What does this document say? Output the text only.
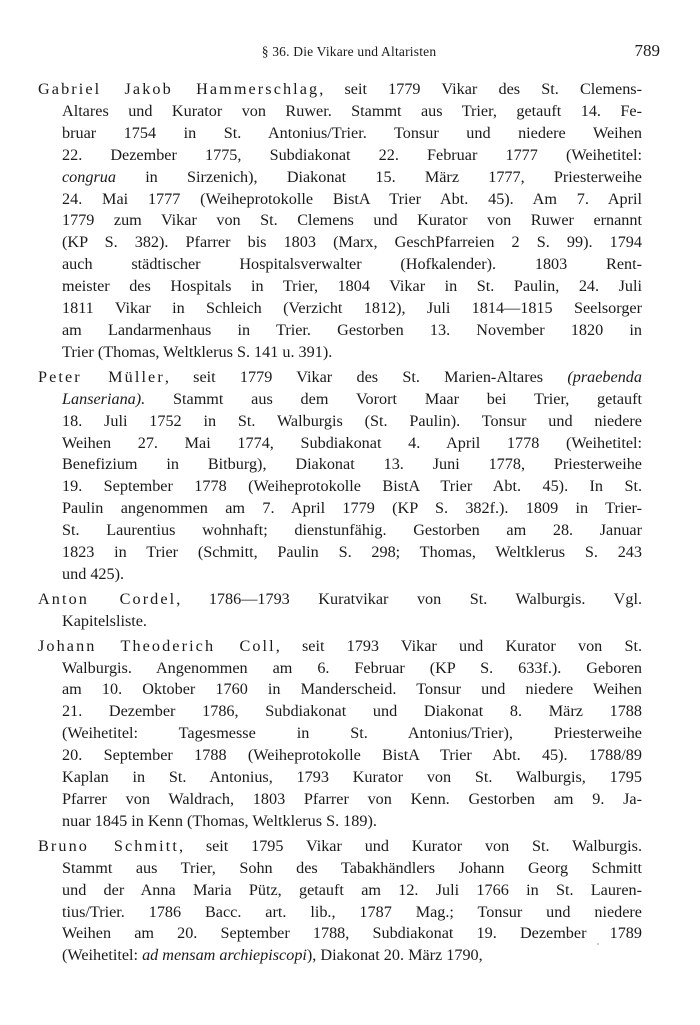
§ 36. Die Vikare und Altaristen	789
Gabriel Jakob Hammerschlag, seit 1779 Vikar des St. Clemens-
Altares und Kurator von Ruwer. Stammt aus Trier, getauft 14. Fe-
bruar 1754 in St. Antonius/Trier. Tonsur und niedere Weihen
22. Dezember 1775, Subdiakonat 22. Februar 1777 (Weihetitel:
congrua in Sirzenich), Diakonat 15. März 1777, Priesterweihe
24. Mai 1777 (Weiheprotokolle BistA Trier Abt. 45). Am 7. April
1779 zum Vikar von St. Clemens und Kurator von Ruwer ernannt
(KP S. 382). Pfarrer bis 1803 (Marx, GeschPfarreien 2 S. 99). 1794
auch städtischer Hospitalsverwalter (Hofkalender). 1803 Rent-
meister des Hospitals in Trier, 1804 Vikar in St. Paulin, 24. Juli
1811 Vikar in Schleich (Verzicht 1812), Juli 1814—1815 Seelsorger
am Landarmenhaus in Trier. Gestorben 13. November 1820 in
Trier (Thomas, Weltklerus S. 141 u. 391).
Peter Müller, seit 1779 Vikar des St. Marien-Altares (praebenda
Lanseriana). Stammt aus dem Vorort Maar bei Trier, getauft
18. Juli 1752 in St. Walburgis (St. Paulin). Tonsur und niedere
Weihen 27. Mai 1774, Subdiakonat 4. April 1778 (Weihetitel:
Benefizium in Bitburg), Diakonat 13. Juni 1778, Priesterweihe
19. September 1778 (Weiheprotokolle BistA Trier Abt. 45). In St.
Paulin angenommen am 7. April 1779 (KP S. 382f.). 1809 in Trier-
St. Laurentius wohnhaft; dienstunfähig. Gestorben am 28. Januar
1823 in Trier (Schmitt, Paulin S. 298; Thomas, Weltklerus S. 243
und 425).
Anton Cordel, 1786—1793 Kuratvikar von St. Walburgis. Vgl.
Kapitelsliste.
Johann Theoderich Coll, seit 1793 Vikar und Kurator von St.
Walburgis. Angenommen am 6. Februar (KP S. 633f.). Geboren
am 10. Oktober 1760 in Manderscheid. Tonsur und niedere Weihen
21. Dezember 1786, Subdiakonat und Diakonat 8. März 1788
(Weihetitel: Tagesmesse in St. Antonius/Trier), Priesterweihe
20. September 1788 (Weiheprotokolle BistA Trier Abt. 45). 1788/89
Kaplan in St. Antonius, 1793 Kurator von St. Walburgis, 1795
Pfarrer von Waldrach, 1803 Pfarrer von Kenn. Gestorben am 9. Ja-
nuar 1845 in Kenn (Thomas, Weltklerus S. 189).
Bruno Schmitt, seit 1795 Vikar und Kurator von St. Walburgis.
Stammt aus Trier, Sohn des Tabakhändlers Johann Georg Schmitt
und der Anna Maria Pütz, getauft am 12. Juli 1766 in St. Lauren-
tius/Trier. 1786 Bacc. art. lib., 1787 Mag.; Tonsur und niedere
Weihen am 20. September 1788, Subdiakonat 19. Dezember 1789
(Weihetitel: ad mensam archiepiscopi), Diakonat 20. März 1790,
